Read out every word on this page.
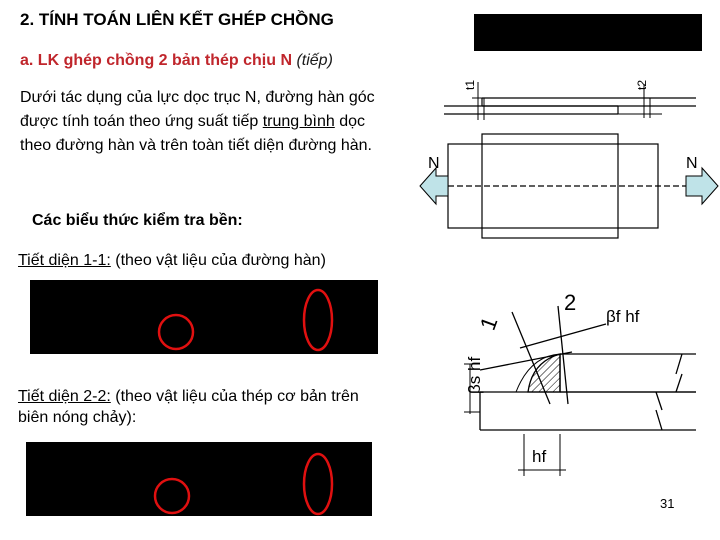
2. TÍNH TOÁN LIÊN KẾT GHÉP CHỒNG
a. LK ghép chồng 2 bản thép chịu N (tiếp)
Dưới tác dụng của lực dọc trục N, đường hàn góc được tính toán theo ứng suất tiếp trung bình dọc theo đường hàn và trên toàn tiết diện đường hàn.
t1	t2
N	N
Các biểu thức kiểm tra bền:
Tiết diện 1-1: (theo vật liệu của đường hàn)
Tiết diện 2-2: (theo vật liệu của thép cơ bản trên biên nóng chảy):
1
2
βf hf
βs hf
hf
31
